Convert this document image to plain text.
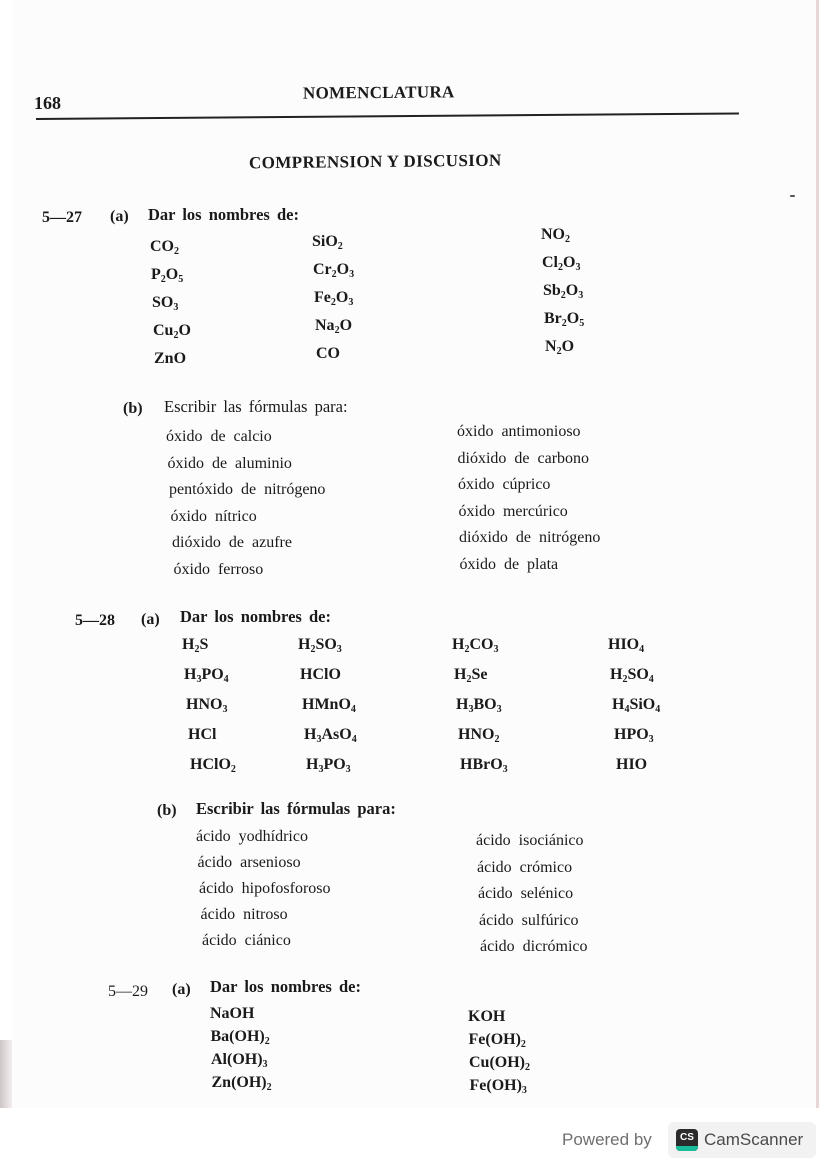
168
NOMENCLATURA
COMPRENSION Y DISCUSION
5—27 (a) Dar los nombres de:
$CO_2$
$P_2O_5$
$SO_3$
$Cu_2O$
ZnO
SiO$_2$
$Cr_2O_3$
$Fe_2O_3$
$Na_2O$
CO
$NO_2$
$Cl_2O_3$
$Sb_2O_3$
$Br_2O_5$
$N_2O$
(b) Escribir las fórmulas para:
óxido de calcio
óxido de aluminio
pentóxido de nitrógeno
óxido nítrico
dióxido de azufre
óxido ferroso
óxido antimonioso
dióxido de carbono
óxido cúprico
óxido mercúrico
dióxido de nitrógeno
óxido de plata
5—28 (a) Dar los nombres de:
$H_2S$
$H_3PO_4$
$HNO_3$
HCl
HClO$_2$
$H_2SO_3$
HClO
HMnO$_4$
$H_3AsO_4$
$H_3PO_3$
$H_2CO_3$
$H_2Se$
$H_3BO_3$
$HNO_2$
HBrO$_3$
$HIO_4$
$H_2SO_4$
$H_4SiO_4$
$HPO_3$
HIO
(b) Escribir las fórmulas para:
ácido yodhídrico
ácido arsenioso
ácido hipofosforoso
ácido nitroso
ácido ciánico
ácido isociánico
ácido crómico
ácido selénico
ácido sulfúrico
ácido dicrómico
5—29 (a) Dar los nombres de:
NaOH
$Ba(OH)_2$
$Al(OH)_3$
$Zn(OH)_2$
KOH
$Fe(OH)_2$
$Cu(OH)_2$
$Fe(OH)_3$
Powered by	CS CamScanner
